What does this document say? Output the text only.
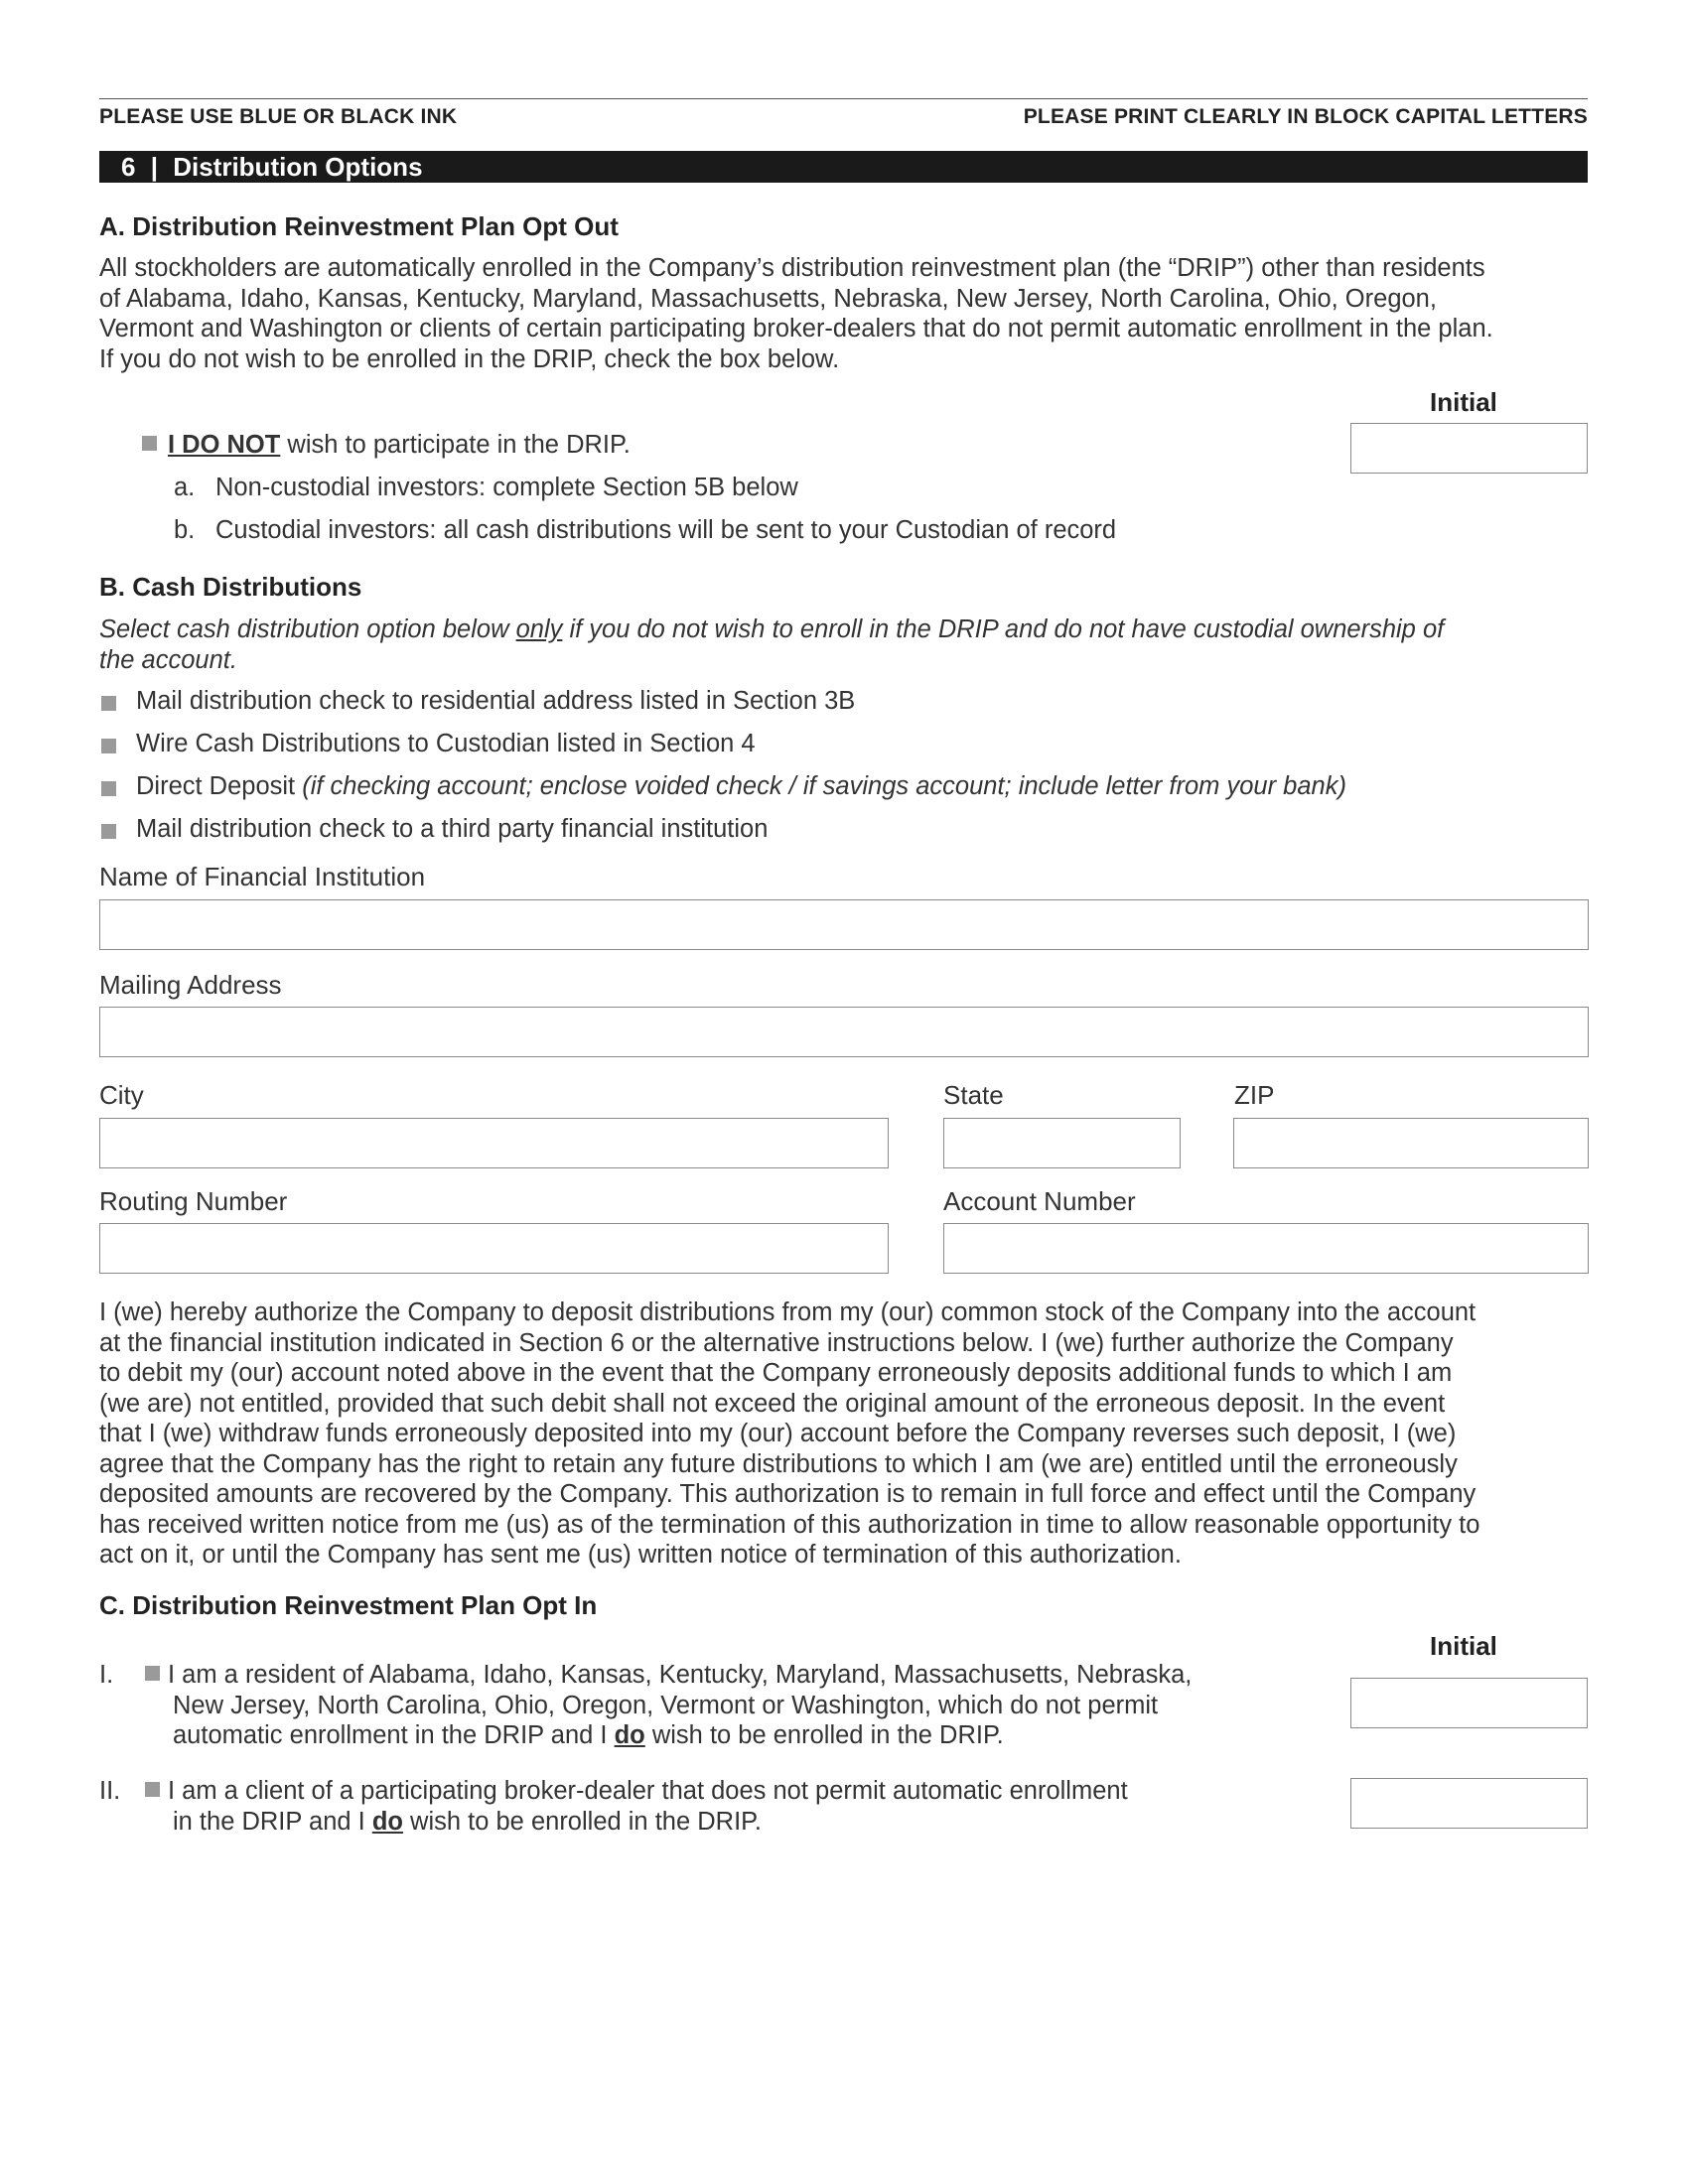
PLEASE USE BLUE OR BLACK INK	PLEASE PRINT CLEARLY IN BLOCK CAPITAL LETTERS
6 | Distribution Options
A. Distribution Reinvestment Plan Opt Out
All stockholders are automatically enrolled in the Company’s distribution reinvestment plan (the “DRIP”) other than residents
of Alabama, Idaho, Kansas, Kentucky, Maryland, Massachusetts, Nebraska, New Jersey, North Carolina, Ohio, Oregon,
Vermont and Washington or clients of certain participating broker-dealers that do not permit automatic enrollment in the plan.
If you do not wish to be enrolled in the DRIP, check the box below.
Initial
I DO NOT wish to participate in the DRIP.
a. Non-custodial investors: complete Section 5B below
b. Custodial investors: all cash distributions will be sent to your Custodian of record
B. Cash Distributions
Select cash distribution option below only if you do not wish to enroll in the DRIP and do not have custodial ownership of
the account.
Mail distribution check to residential address listed in Section 3B
Wire Cash Distributions to Custodian listed in Section 4
Direct Deposit (if checking account; enclose voided check / if savings account; include letter from your bank)
Mail distribution check to a third party financial institution
Name of Financial Institution
Mailing Address
City	State	ZIP
Routing Number	Account Number
I (we) hereby authorize the Company to deposit distributions from my (our) common stock of the Company into the account
at the financial institution indicated in Section 6 or the alternative instructions below. I (we) further authorize the Company
to debit my (our) account noted above in the event that the Company erroneously deposits additional funds to which I am
(we are) not entitled, provided that such debit shall not exceed the original amount of the erroneous deposit. In the event
that I (we) withdraw funds erroneously deposited into my (our) account before the Company reverses such deposit, I (we)
agree that the Company has the right to retain any future distributions to which I am (we are) entitled until the erroneously
deposited amounts are recovered by the Company. This authorization is to remain in full force and effect until the Company
has received written notice from me (us) as of the termination of this authorization in time to allow reasonable opportunity to
act on it, or until the Company has sent me (us) written notice of termination of this authorization.
C. Distribution Reinvestment Plan Opt In
Initial
I. I am a resident of Alabama, Idaho, Kansas, Kentucky, Maryland, Massachusetts, Nebraska,
New Jersey, North Carolina, Ohio, Oregon, Vermont or Washington, which do not permit
automatic enrollment in the DRIP and I do wish to be enrolled in the DRIP.
II. I am a client of a participating broker-dealer that does not permit automatic enrollment
in the DRIP and I do wish to be enrolled in the DRIP.
